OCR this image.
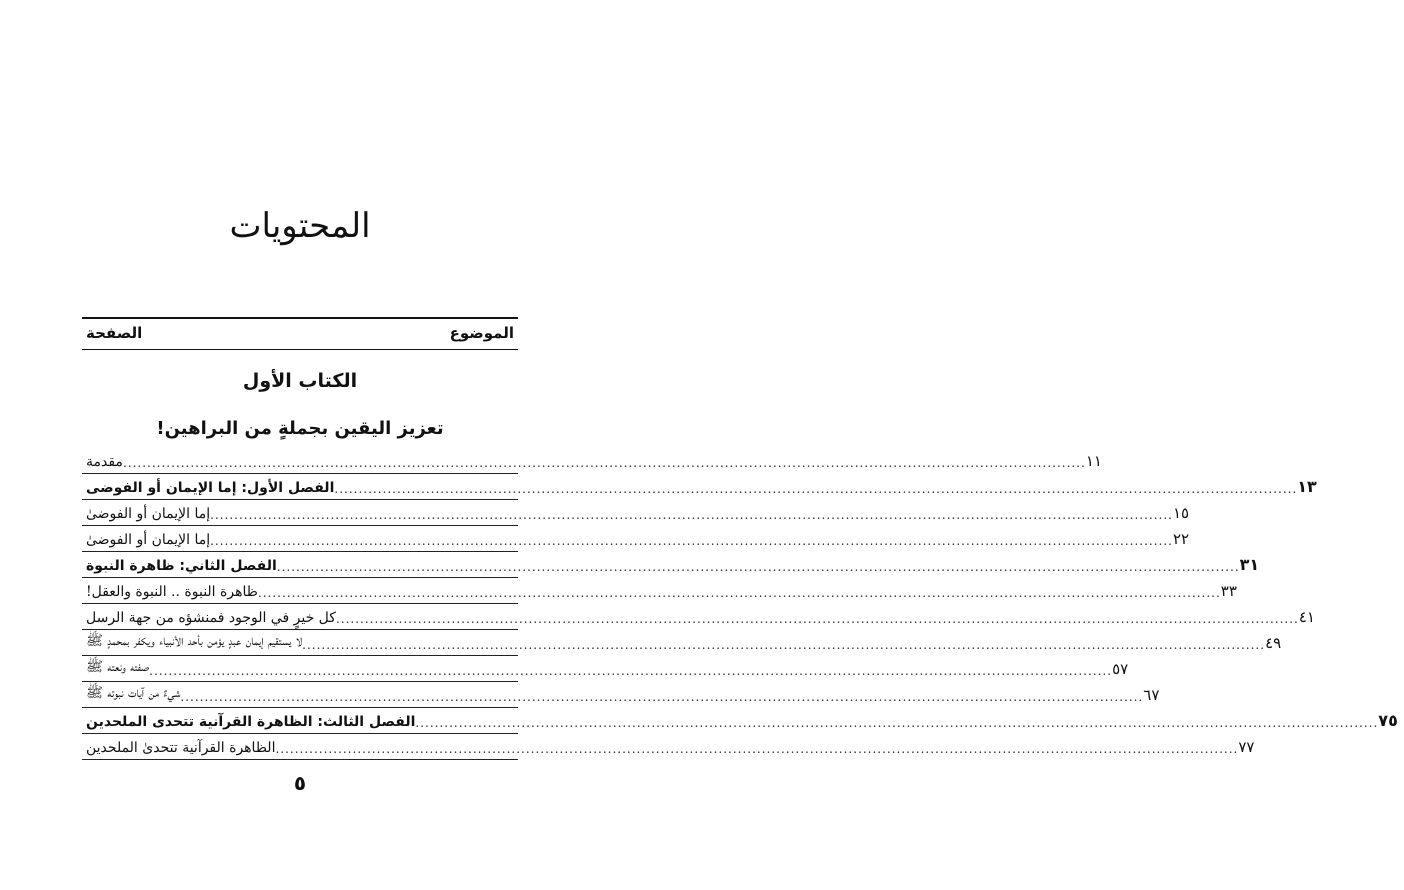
المحتويات
الموضوع
الصفحة
الكتاب الأول
تعزيز اليقين بجملةٍ من البراهين!
مقدمة ........................................................................................................................................................................................................ ١١
الفصل الأول: إما الإيمان أو الفوضى ........................................................................................................................................................................................................ ١٣
إما الإيمان أو الفوضىٰ ........................................................................................................................................................................................................ ١٥
إما الإيمان أو الفوضىٰ ........................................................................................................................................................................................................ ٢٢
الفصل الثاني: ظاهرة النبوة ........................................................................................................................................................................................................ ٣١
ظاهرة النبوة .. النبوة والعقل! ........................................................................................................................................................................................................ ٣٣
كل خيرٍ في الوجود فمنشؤه من جهة الرسل ........................................................................................................................................................................................................ ٤١
لا يستقيم إيمان عبدٍ يؤمن بأحد الأنبياء ويكفر بمحمدٍ ﷺ ........................................................................................................................................................................................................ ٤٩
صفته ونعته ﷺ ........................................................................................................................................................................................................ ٥٧
شيءٌ من آيات نبوته ﷺ ........................................................................................................................................................................................................ ٦٧
الفصل الثالث: الظاهرة القرآنية تتحدى الملحدين ........................................................................................................................................................................................................ ٧٥
الظاهرة القرآنية تتحدىٰ الملحدين ........................................................................................................................................................................................................ ٧٧
٥
